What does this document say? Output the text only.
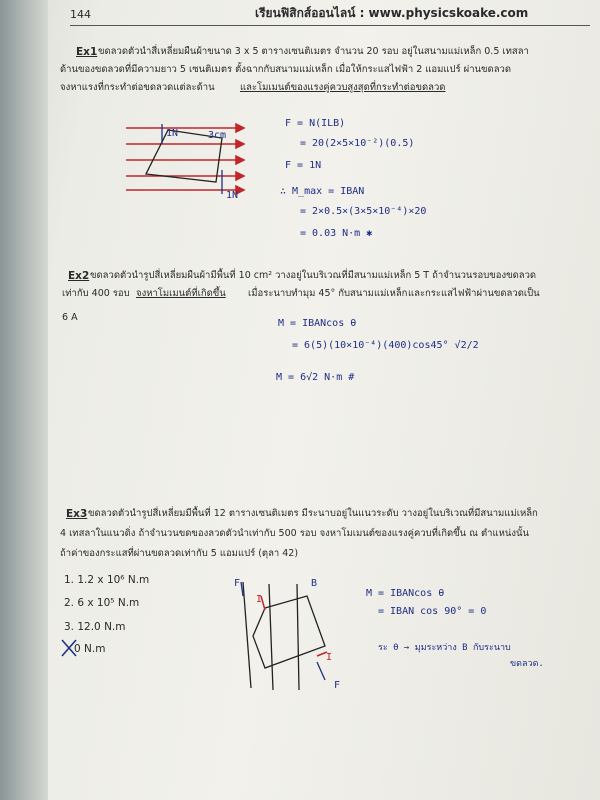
144	เรียนฟิสิกส์ออนไลน์ : www.physicskoake.com
Ex1 ขดลวดตัวนำสี่เหลี่ยมผืนผ้าขนาด 3 x 5 ตารางเซนติเมตร จำนวน 20 รอบ อยู่ในสนามแม่เหล็ก 0.5 เทสลา
ด้านของขดลวดที่มีความยาว 5 เซนติเมตร ตั้งฉากกับสนามแม่เหล็ก เมื่อให้กระแสไฟฟ้า 2 แอมแปร์ ผ่านขดลวด
จงหาแรงที่กระทำต่อขดลวดแต่ละด้าน	และโมเมนต์ของแรงคู่ควบสูงสุดที่กระทำต่อขดลวด
1N	3cm
1N
F = N(ILB)
= 20(2×5×10⁻²)(0.5)
F = 1N
∴ M_max = IBAN
= 2×0.5×(3×5×10⁻⁴)×20
= 0.03 N·m ✱
Ex2 ขดลวดตัวนำรูปสี่เหลี่ยมผืนผ้ามีพื้นที่ 10 cm² วางอยู่ในบริเวณที่มีสนามแม่เหล็ก 5 T ถ้าจำนวนรอบของขดลวด
เท่ากับ 400 รอบ จงหาโมเมนต์ที่เกิดขึ้น เมื่อระนาบทำมุม 45° กับสนามแม่เหล็ก และกระแสไฟฟ้าผ่านขดลวดเป็น
6 A
M = IBANcos θ
= 6(5)(10×10⁻⁴)(400)cos45° √2/2
M = 6√2 N·m #
Ex3 ขดลวดตัวนำรูปสี่เหลี่ยมมีพื้นที่ 12 ตารางเซนติเมตร มีระนาบอยู่ในแนวระดับ วางอยู่ในบริเวณที่มีสนามแม่เหล็ก
4 เทสลาในแนวดิ่ง ถ้าจำนวนขดของลวดตัวนำเท่ากับ 500 รอบ จงหาโมเมนต์ของแรงคู่ควบที่เกิดขึ้น ณ ตำแหน่งนั้น
ถ้าค่าของกระแสที่ผ่านขดลวดเท่ากับ 5 แอมแปร์ (ตุลา 42)
1. 1.2 x 10⁶ N.m
2. 6 x 10⁵ N.m
3. 12.0 N.m
0 N.m
F
I
B
I
F
M = IBANcos θ
= IBAN cos 90° = 0
ระ θ → มุมระหว่าง B กับระนาบ
ขดลวด.
